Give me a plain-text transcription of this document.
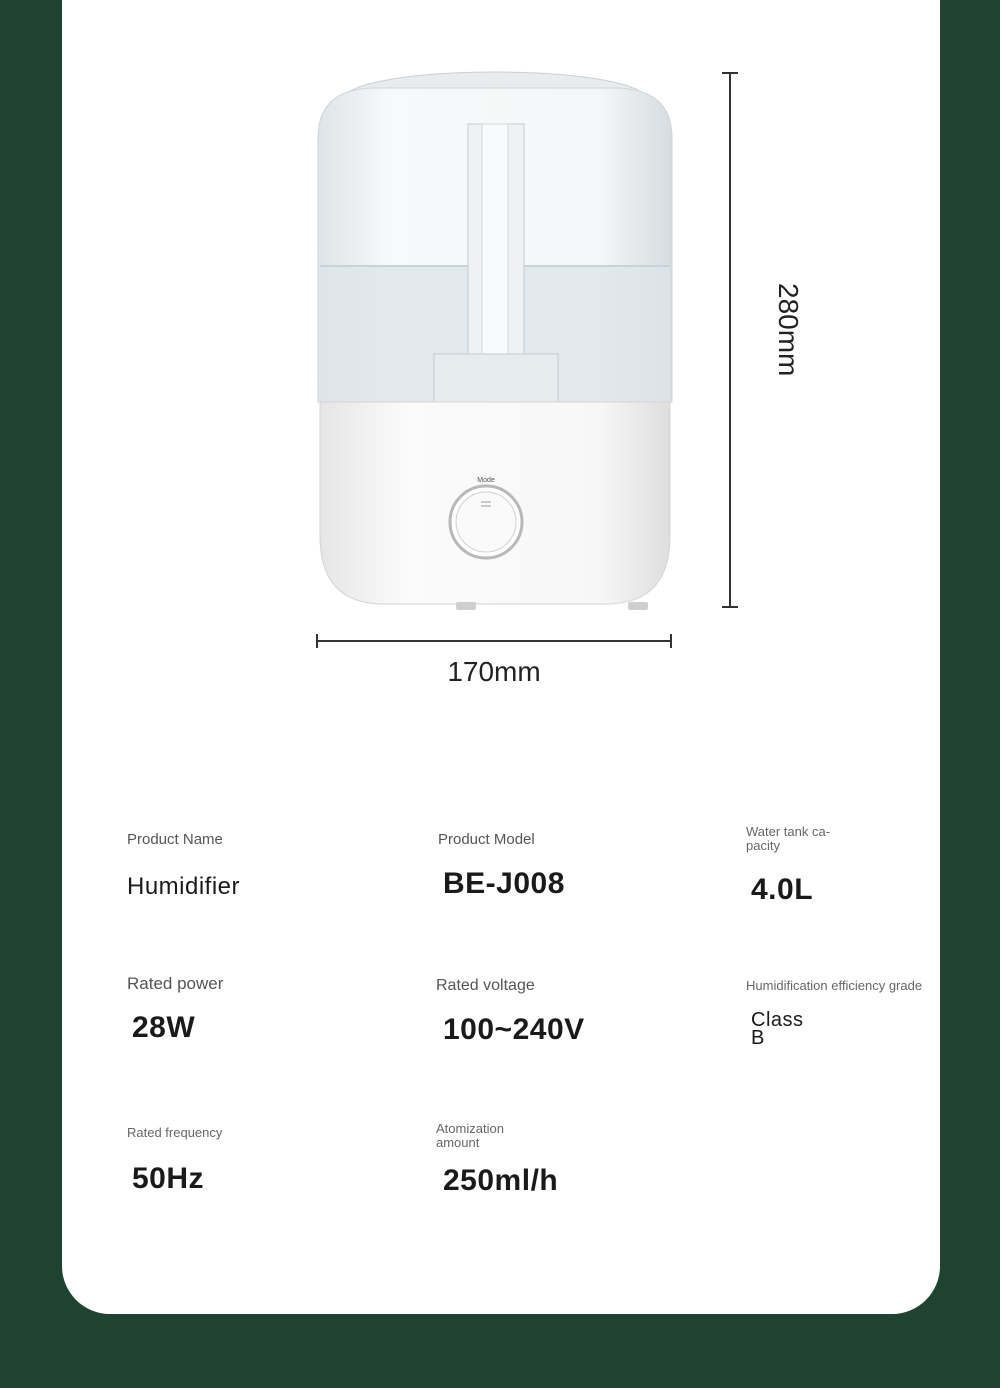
Mode
170mm
280mm
Product Name
Humidifier
Product Model
BE-J008
Water tank ca-
pacity
4.0L
Rated power
28W
Rated voltage
100~240V
Humidification efficiency grade
Class
B
Rated frequency
50Hz
Atomization
amount
250ml/h
